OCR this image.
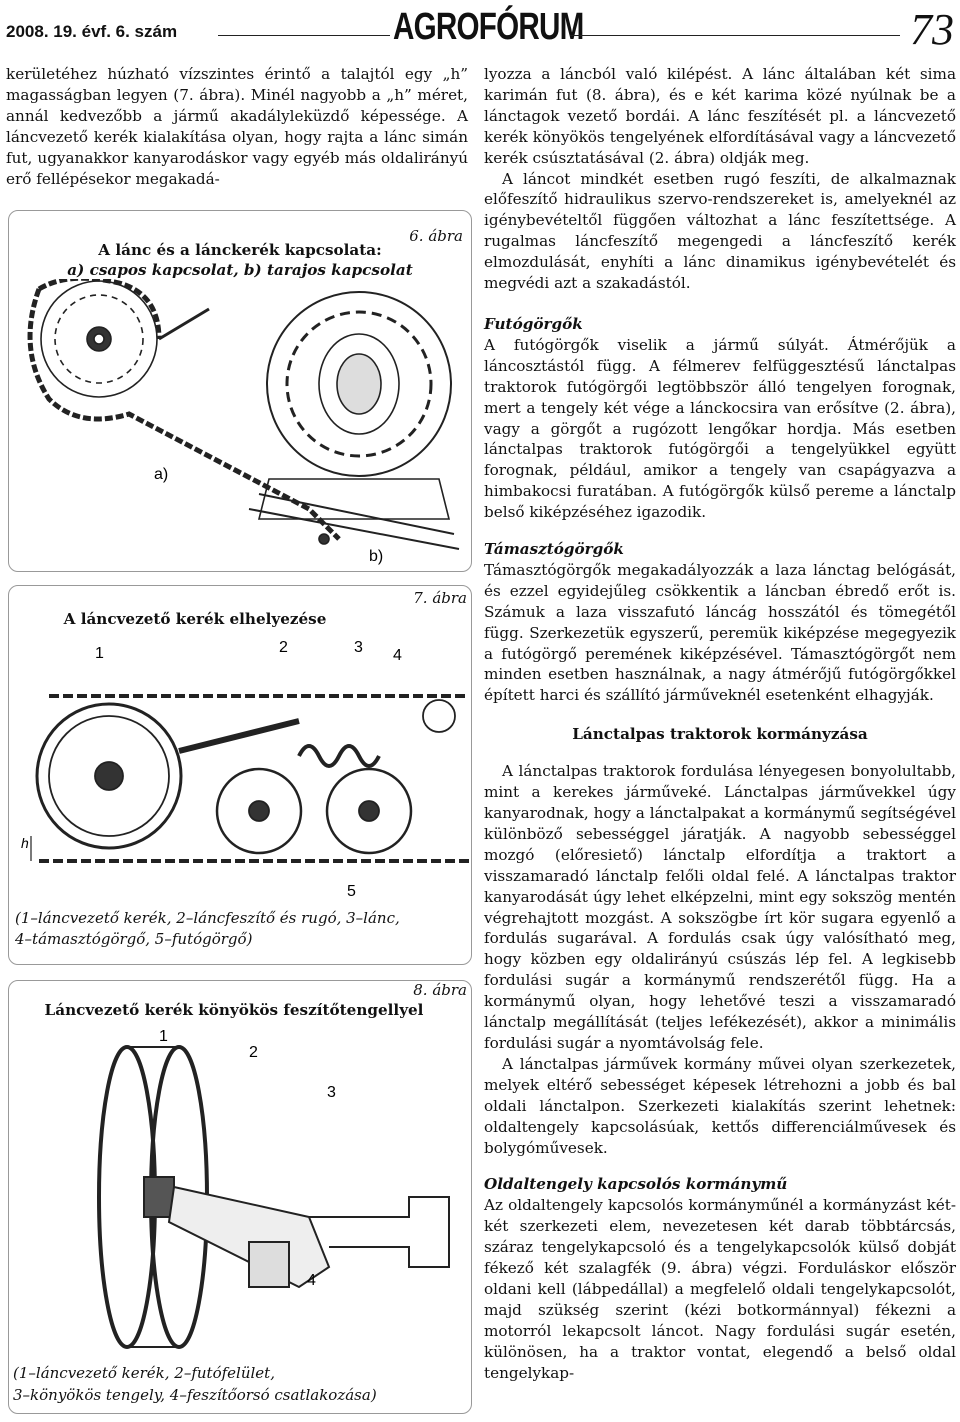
2008. 19. évf. 6. szám	AGROFÓRUM	73

kerületéhez húzható vízszintes érintő a talajtól egy „h” magasságban legyen (7. ábra). Minél nagyobb a „h” méret, annál kedvezőbb a jármű akadályleküzdő képessége. A láncvezető kerék kialakítása olyan, hogy rajta a lánc simán fut, ugyanakkor kanyarodáskor vagy egyéb más oldalirányú erő fellépésekor megakadá-

6. ábra
A lánc és a lánckerék kapcsolata:
a) csapos kapcsolat, b) tarajos kapcsolat
a)
b)
7. ábra
A láncvezető kerék elhelyezése
1	2	3 4
5
h
(1–láncvezető kerék, 2–láncfeszítő és rugó, 3–lánc,
4–támasztógörgő, 5–futógörgő)
8. ábra
Láncvezető kerék könyökös feszítőtengellyel
1
2
3
4
(1–láncvezető kerék, 2–futófelület,
3–könyökös tengely, 4–feszítőorsó csatlakozása)

lyozza a láncból való kilépést. A lánc általában két sima karimán fut (8. ábra), és e két karima közé nyúlnak be a lánctagok vezető bordái. A lánc feszítését pl. a láncvezető kerék könyökös tengelyének elfordításával vagy a láncvezető kerék csúsztatásával (2. ábra) oldják meg.

A láncot mindkét esetben rugó feszíti, de alkalmaznak előfeszítő hidraulikus szervo-rendszereket is, amelyeknél az igénybevételtől függően változhat a lánc feszítettsége. A rugalmas láncfeszítő megengedi a láncfeszítő kerék elmozdulását, enyhíti a lánc dinamikus igénybevételét és megvédi azt a szakadástól.

Futógörgők

A futógörgők viselik a jármű súlyát. Átmérőjük a láncosztástól függ. A félmerev felfüggesztésű lánctalpas traktorok futógörgői legtöbbször álló tengelyen forognak, mert a tengely két vége a lánckocsira van erősítve (2. ábra), vagy a görgőt a rugózott lengőkar hordja. Más esetben lánctalpas traktorok futógörgői a tengelyükkel együtt forognak, például, amikor a tengely van csapágyazva a himbakocsi furatában. A futógörgők külső pereme a lánctalp belső kiképzéséhez igazodik.

Támasztógörgők

Támasztógörgők megakadályozzák a laza lánctag belógását, és ezzel egyidejűleg csökkentik a láncban ébredő erőt is. Számuk a laza visszafutó láncág hosszától és tömegétől függ. Szerkezetük egyszerű, peremük kiképzése megegyezik a futógörgő peremének kiképzésével. Támasztógörgőt nem minden esetben használnak, a nagy átmérőjű futógörgőkkel épített harci és szállító járműveknél esetenként elhagyják.

Lánctalpas traktorok kormányzása

A lánctalpas traktorok fordulása lényegesen bonyolultabb, mint a kerekes járműveké. Lánctalpas járművekkel úgy kanyarodnak, hogy a lánctalpakat a kormánymű segítségével különböző sebességgel járatják. A nagyobb sebességgel mozgó (előresiető) lánctalp elfordítja a traktort a visszamaradó lánctalp felőli oldal felé. A lánctalpas traktor kanyarodását úgy lehet elképzelni, mint egy sokszög mentén végrehajtott mozgást. A sokszögbe írt kör sugara egyenlő a fordulás sugarával. A fordulás csak úgy valósítható meg, hogy közben egy oldalirányú csúszás lép fel. A legkisebb fordulási sugár a kormánymű rendszerétől függ. Ha a kormánymű olyan, hogy lehetővé teszi a visszamaradó lánctalp megállítását (teljes lefékezését), akkor a minimális fordulási sugár a nyomtávolság fele.

A lánctalpas járművek kormány művei olyan szerkezetek, melyek eltérő sebességet képesek létrehozni a jobb és bal oldali lánctalpon. Szerkezeti kialakítás szerint lehetnek: oldaltengely kapcsolásúak, kettős differenciálművesek és bolygóművesek.

Oldaltengely kapcsolós kormánymű

Az oldaltengely kapcsolós kormányműnél a kormányzást két-két szerkezeti elem, nevezetesen két darab többtárcsás, száraz tengelykapcsoló és a tengelykapcsolók külső dobját fékező két szalagfék (9. ábra) végzi. Forduláskor először oldani kell (lábpedállal) a megfelelő oldali tengelykapcsolót, majd szükség szerint (kézi botkormánnyal) fékezni a motorról lekapcsolt láncot. Nagy fordulási sugár esetén, különösen, ha a traktor vontat, elegendő a belső oldal tengelykap-
